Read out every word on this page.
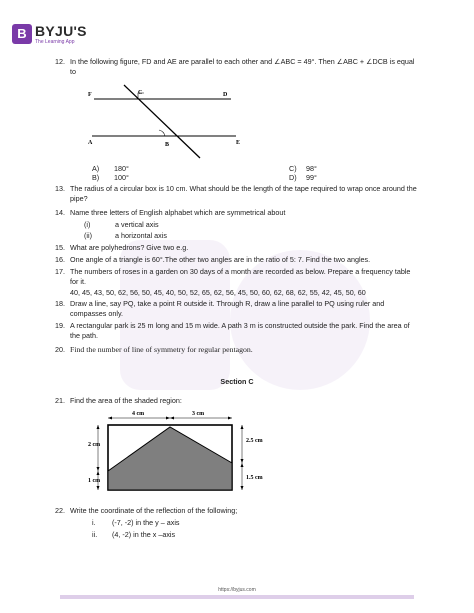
B BYJU'S
The Learning App
12. In the following figure, FD and AE are parallel to each other and ∠ABC = 49°. Then ∠ABC + ∠DCB is equal to
F	C	D
A	B	E
A) 180°	C) 98°
B) 100°	D) 99°
13. The radius of a circular box is 10 cm. What should be the length of the tape required to wrap once around the pipe?
14. Name three letters of English alphabet which are symmetrical about
(i)	a vertical axis
(ii)	a horizontal axis
15. What are polyhedrons? Give two e.g.
16. One angle of a triangle is 60°.The other two angles are in the ratio of 5: 7. Find the two angles.
17. The numbers of roses in a garden on 30 days of a month are recorded as below. Prepare a frequency table for it.
40, 45, 43, 50, 62, 56, 50, 45, 40, 50, 52, 65, 62, 56, 45, 50, 60, 62, 68, 62, 55, 42, 45, 50, 60
18. Draw a line, say PQ, take a point R outside it. Through R, draw a line parallel to PQ using ruler and compasses only.
19. A rectangular park is 25 m long and 15 m wide. A path 3 m is constructed outside the park. Find the area of the path.
20. Find the number of line of symmetry for regular pentagon.
Section C
21. Find the area of the shaded region:
4 cm	3 cm
2 cm
1 cm
2.5 cm
1.5 cm
22. Write the coordinate of the reflection of the following;
i. (-7, -2) in the y – axis
ii. (4, -2) in the x –axis
https://byjus.com
